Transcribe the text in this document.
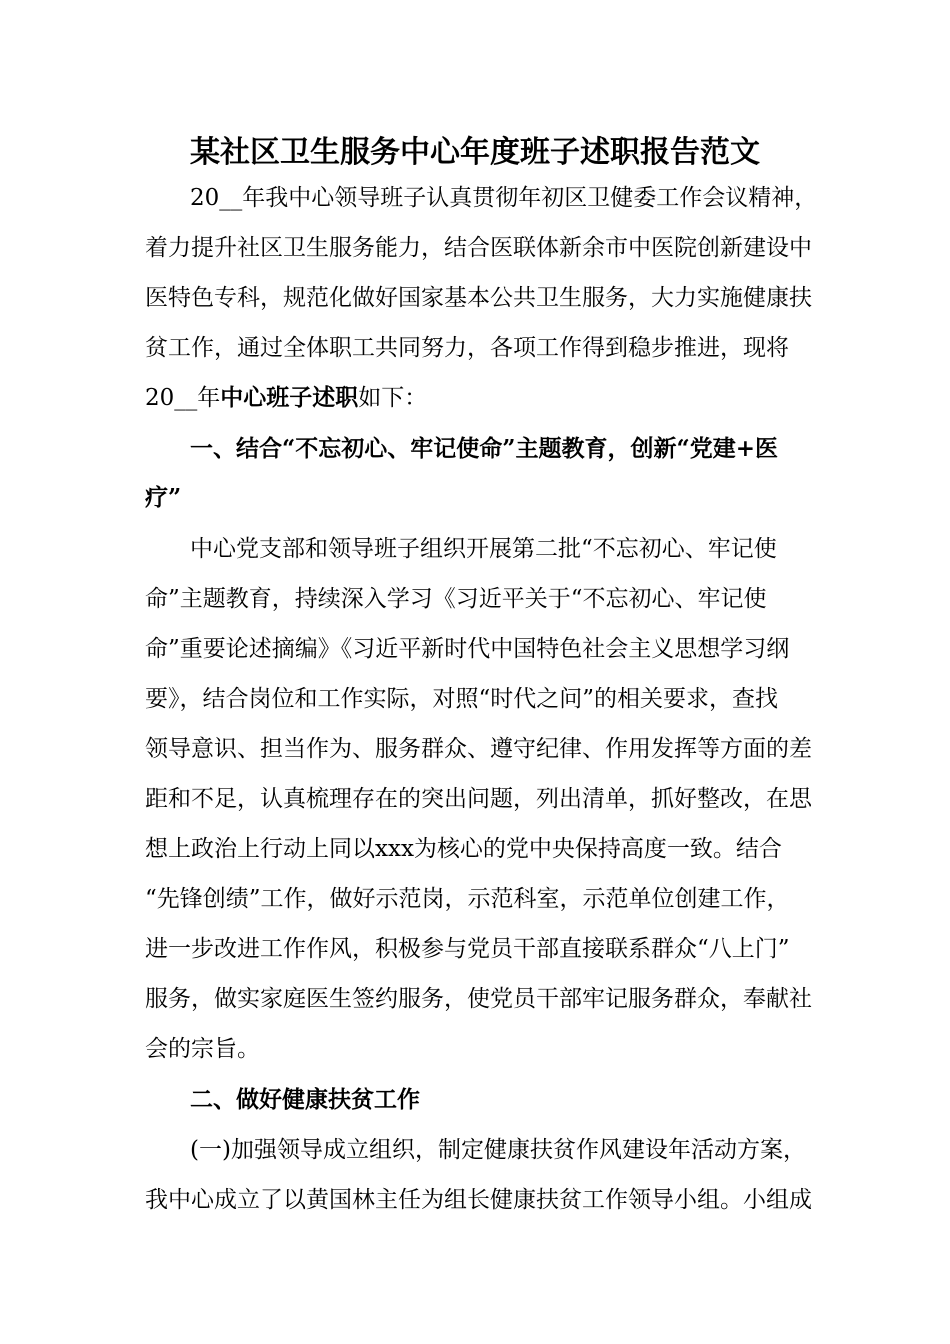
某社区卫生服务中心年度班子述职报告范文
20__年我中心领导班子认真贯彻年初区卫健委工作会议精神，
着力提升社区卫生服务能力，结合医联体新余市中医院创新建设中
医特色专科，规范化做好国家基本公共卫生服务，大力实施健康扶
贫工作，通过全体职工共同努力，各项工作得到稳步推进，现将
20__年中心班子述职如下：
一、结合“不忘初心、牢记使命”主题教育，创新“党建+医
疗”
中心党支部和领导班子组织开展第二批“不忘初心、牢记使
命”主题教育，持续深入学习《习近平关于“不忘初心、牢记使
命”重要论述摘编》《习近平新时代中国特色社会主义思想学习纲
要》，结合岗位和工作实际，对照“时代之问”的相关要求，查找
领导意识、担当作为、服务群众、遵守纪律、作用发挥等方面的差
距和不足，认真梳理存在的突出问题，列出清单，抓好整改，在思
想上政治上行动上同以xxx为核心的党中央保持高度一致。结合
“先锋创绩”工作，做好示范岗，示范科室，示范单位创建工作，
进一步改进工作作风，积极参与党员干部直接联系群众“八上门”
服务，做实家庭医生签约服务，使党员干部牢记服务群众，奉献社
会的宗旨。
二、做好健康扶贫工作
(一)加强领导成立组织，制定健康扶贫作风建设年活动方案，
我中心成立了以黄国林主任为组长健康扶贫工作领导小组。小组成
